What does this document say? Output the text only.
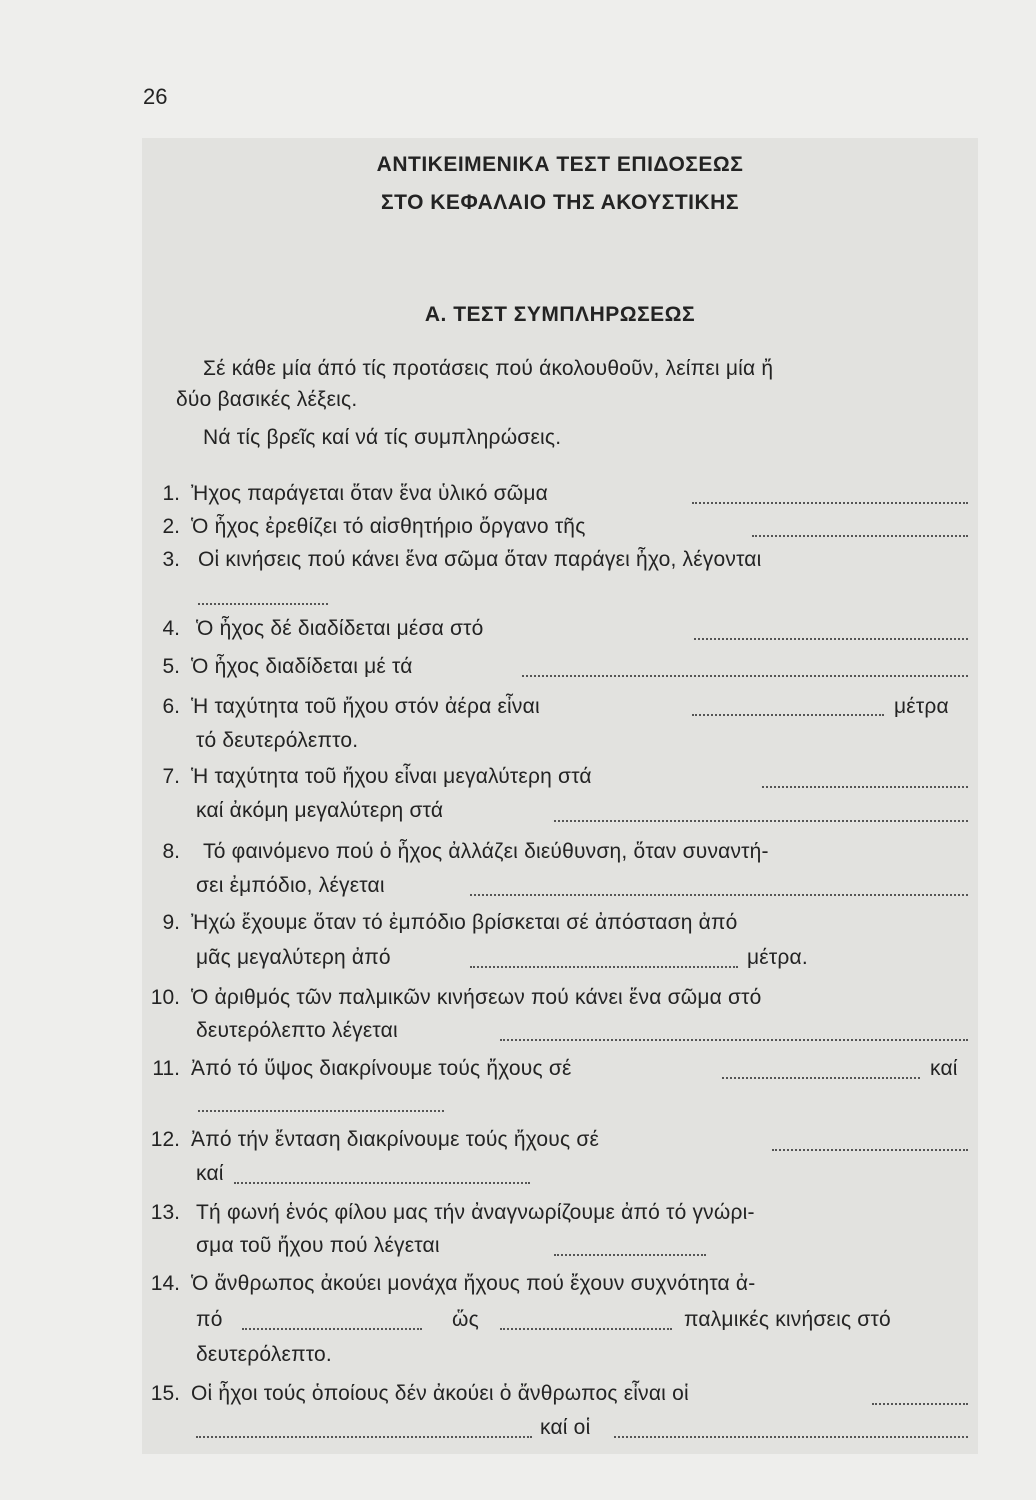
26
ΑΝΤΙΚΕΙΜΕΝΙΚΑ ΤΕΣΤ ΕΠΙΔΟΣΕΩΣ
ΣΤΟ ΚΕΦΑΛΑΙΟ ΤΗΣ ΑΚΟΥΣΤΙΚΗΣ
Α. ΤΕΣΤ ΣΥΜΠΛΗΡΩΣΕΩΣ
Σέ κάθε μία άπό τίς προτάσεις πού άκολουθοῦν, λείπει μία ἤ
δύο βασικές λέξεις.
Νά τίς βρεῖς καί νά τίς συμπληρώσεις.
1. Ἠχος παράγεται ὅταν ἕνα ὑλικό σῶμα
2. Ὁ ἦχος ἐρεθίζει τό αἰσθητήριο ὄργανο τῆς
3. Οἱ κινήσεις πού κάνει ἕνα σῶμα ὅταν παράγει ἦχο, λέγονται
4. Ὁ ἦχος δέ διαδίδεται μέσα στό
5. Ὁ ἦχος διαδίδεται μέ τά
6. Ἡ ταχύτητα τοῦ ἤχου στόν ἀέρα εἶναι	μέτρα
τό δευτερόλεπτο.
7. Ἡ ταχύτητα τοῦ ἤχου εἶναι μεγαλύτερη στά
καί ἀκόμη μεγαλύτερη στά
8. Τό φαινόμενο πού ὁ ἦχος ἀλλάζει διεύθυνση, ὅταν συναντή-
σει ἐμπόδιο, λέγεται
9. Ἠχώ ἔχουμε ὅταν τό ἐμπόδιο βρίσκεται σέ ἀπόσταση ἀπό
μᾶς μεγαλύτερη ἀπό	μέτρα.
10. Ὁ ἀριθμός τῶν παλμικῶν κινήσεων πού κάνει ἕνα σῶμα στό
δευτερόλεπτο λέγεται
11. Ἀπό τό ὕψος διακρίνουμε τούς ἤχους σέ	καί
12. Ἀπό τήν ἔνταση διακρίνουμε τούς ἤχους σέ
καί
13. Τή φωνή ἑνός φίλου μας τήν ἀναγνωρίζουμε ἀπό τό γνώρι-
σμα τοῦ ἤχου πού λέγεται
14. Ὁ ἄνθρωπος ἀκούει μονάχα ἤχους πού ἔχουν συχνότητα ἀ-
πό	ὥς	παλμικές κινήσεις στό
δευτερόλεπτο.
15. Οἱ ἦχοι τούς ὁποίους δέν ἀκούει ὁ ἄνθρωπος εἶναι οἱ
καί οἱ
